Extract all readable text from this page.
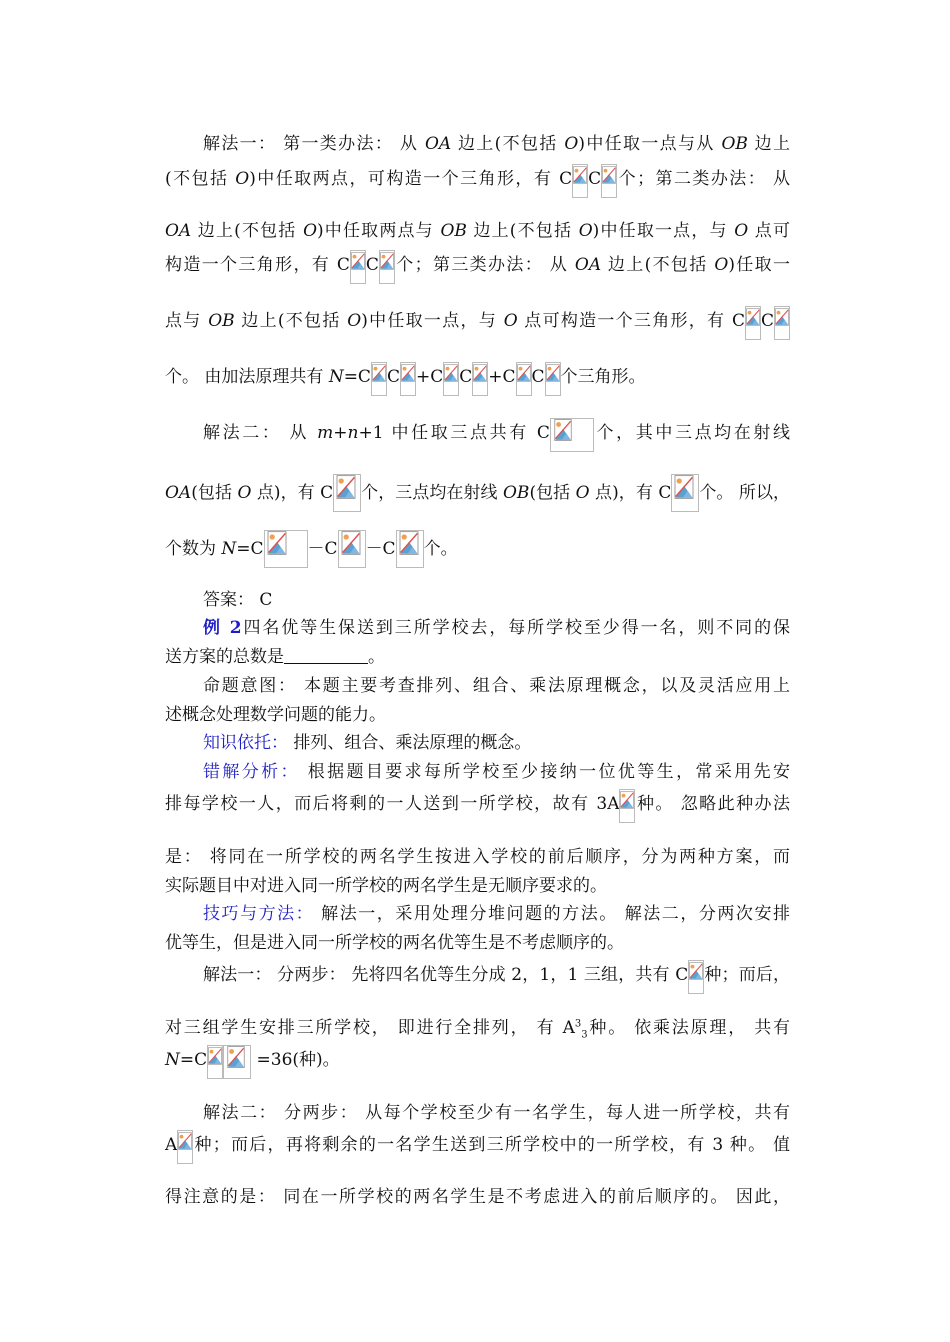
解法一： 第一类办法： 从 OA 边上(不包括 O)中任取一点与从 OB 边上
(不包括 O)中任取两点，可构造一个三角形，有 C C 个；第二类办法： 从
OA 边上(不包括 O)中任取两点与 OB 边上(不包括 O)中任取一点，与 O 点可
构造一个三角形，有 C C 个；第三类办法： 从 OA 边上(不包括 O)任取一
点与 OB 边上(不包括 O)中任取一点，与 O 点可构造一个三角形，有 C C
个。 由加法原理共有 N=C C +C C +C C 个三角形。
解法二： 从 m+n+1 中任取三点共有 C	个，其中三点均在射线
OA(包括 O 点)，有 C 个，三点均在射线 OB(包括 O 点)，有 C 个。 所以，
个数为 N=C	－C －C 个。
答案： C
例 2四名优等生保送到三所学校去，每所学校至少得一名，则不同的保
送方案的总数是	。
命题意图： 本题主要考查排列、组合、乘法原理概念，以及灵活应用上
述概念处理数学问题的能力。
知识依托： 排列、组合、乘法原理的概念。
错解分析： 根据题目要求每所学校至少接纳一位优等生，常采用先安
排每学校一人，而后将剩的一人送到一所学校，故有 3A 种。 忽略此种办法
是： 将同在一所学校的两名学生按进入学校的前后顺序，分为两种方案，而
实际题目中对进入同一所学校的两名学生是无顺序要求的。
技巧与方法： 解法一，采用处理分堆问题的方法。 解法二，分两次安排
优等生，但是进入同一所学校的两名优等生是不考虑顺序的。
解法一： 分两步： 先将四名优等生分成 2，1，1 三组，共有 C 种；而后，
对三组学生安排三所学校， 即进行全排列， 有 $A^3_3$种。 依乘法原理， 共有
N=C	=36(种)。
解法二： 分两步： 从每个学校至少有一名学生，每人进一所学校，共有
A 种；而后，再将剩余的一名学生送到三所学校中的一所学校，有 3 种。 值
得注意的是： 同在一所学校的两名学生是不考虑进入的前后顺序的。 因此，
